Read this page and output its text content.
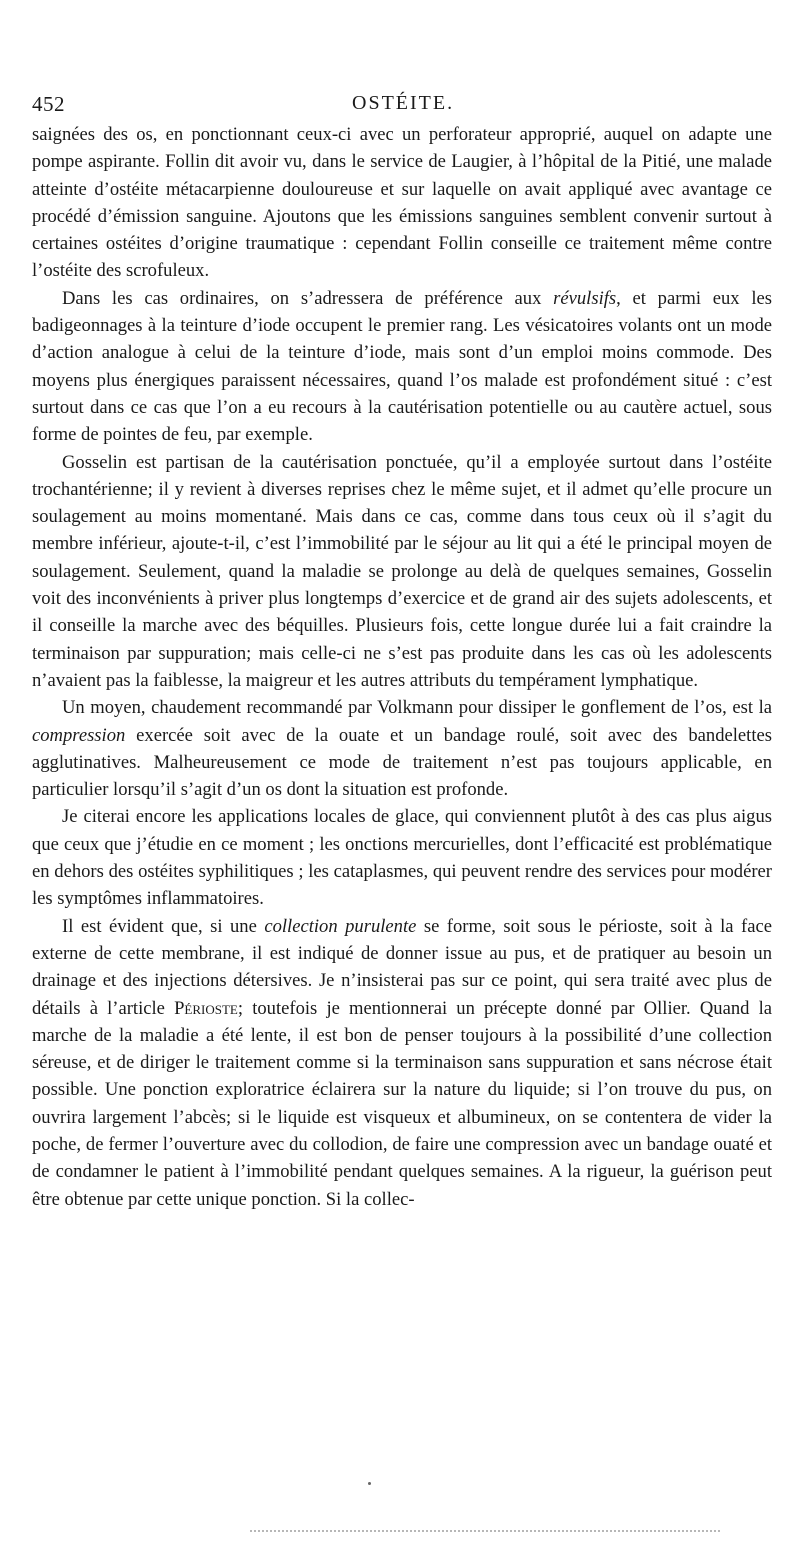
452	OSTÉITE.

saignées des os, en ponctionnant ceux-ci avec un perforateur approprié, auquel on adapte une pompe aspirante. Follin dit avoir vu, dans le service de Laugier, à l’hôpital de la Pitié, une malade atteinte d’ostéite métacarpienne douloureuse et sur laquelle on avait appliqué avec avantage ce procédé d’émission sanguine. Ajoutons que les émissions sanguines semblent convenir surtout à certaines ostéites d’origine traumatique : cependant Follin conseille ce traitement même contre l’ostéite des scrofuleux.

Dans les cas ordinaires, on s’adressera de préférence aux révulsifs, et parmi eux les badigeonnages à la teinture d’iode occupent le premier rang. Les vésicatoires volants ont un mode d’action analogue à celui de la teinture d’iode, mais sont d’un emploi moins commode. Des moyens plus énergiques paraissent nécessaires, quand l’os malade est profondément situé : c’est surtout dans ce cas que l’on a eu recours à la cautérisation potentielle ou au cautère actuel, sous forme de pointes de feu, par exemple.

Gosselin est partisan de la cautérisation ponctuée, qu’il a employée surtout dans l’ostéite trochantérienne; il y revient à diverses reprises chez le même sujet, et il admet qu’elle procure un soulagement au moins momentané. Mais dans ce cas, comme dans tous ceux où il s’agit du membre inférieur, ajoute-t-il, c’est l’immobilité par le séjour au lit qui a été le principal moyen de soulagement. Seulement, quand la maladie se prolonge au delà de quelques semaines, Gosselin voit des inconvénients à priver plus longtemps d’exercice et de grand air des sujets adolescents, et il conseille la marche avec des béquilles. Plusieurs fois, cette longue durée lui a fait craindre la terminaison par suppuration; mais celle-ci ne s’est pas produite dans les cas où les adolescents n’avaient pas la faiblesse, la maigreur et les autres attributs du tempérament lymphatique.

Un moyen, chaudement recommandé par Volkmann pour dissiper le gonflement de l’os, est la compression exercée soit avec de la ouate et un bandage roulé, soit avec des bandelettes agglutinatives. Malheureusement ce mode de traitement n’est pas toujours applicable, en particulier lorsqu’il s’agit d’un os dont la situation est profonde.

Je citerai encore les applications locales de glace, qui conviennent plutôt à des cas plus aigus que ceux que j’étudie en ce moment ; les onctions mercurielles, dont l’efficacité est problématique en dehors des ostéites syphilitiques ; les cataplasmes, qui peuvent rendre des services pour modérer les symptômes inflammatoires.

Il est évident que, si une collection purulente se forme, soit sous le périoste, soit à la face externe de cette membrane, il est indiqué de donner issue au pus, et de pratiquer au besoin un drainage et des injections détersives. Je n’insisterai pas sur ce point, qui sera traité avec plus de détails à l’article Périoste; toutefois je mentionnerai un précepte donné par Ollier. Quand la marche de la maladie a été lente, il est bon de penser toujours à la possibilité d’une collection séreuse, et de diriger le traitement comme si la terminaison sans suppuration et sans nécrose était possible. Une ponction exploratrice éclairera sur la nature du liquide; si l’on trouve du pus, on ouvrira largement l’abcès; si le liquide est visqueux et albumineux, on se contentera de vider la poche, de fermer l’ouverture avec du collodion, de faire une compression avec un bandage ouaté et de condamner le patient à l’immobilité pendant quelques semaines. A la rigueur, la guérison peut être obtenue par cette unique ponction. Si la collec-
